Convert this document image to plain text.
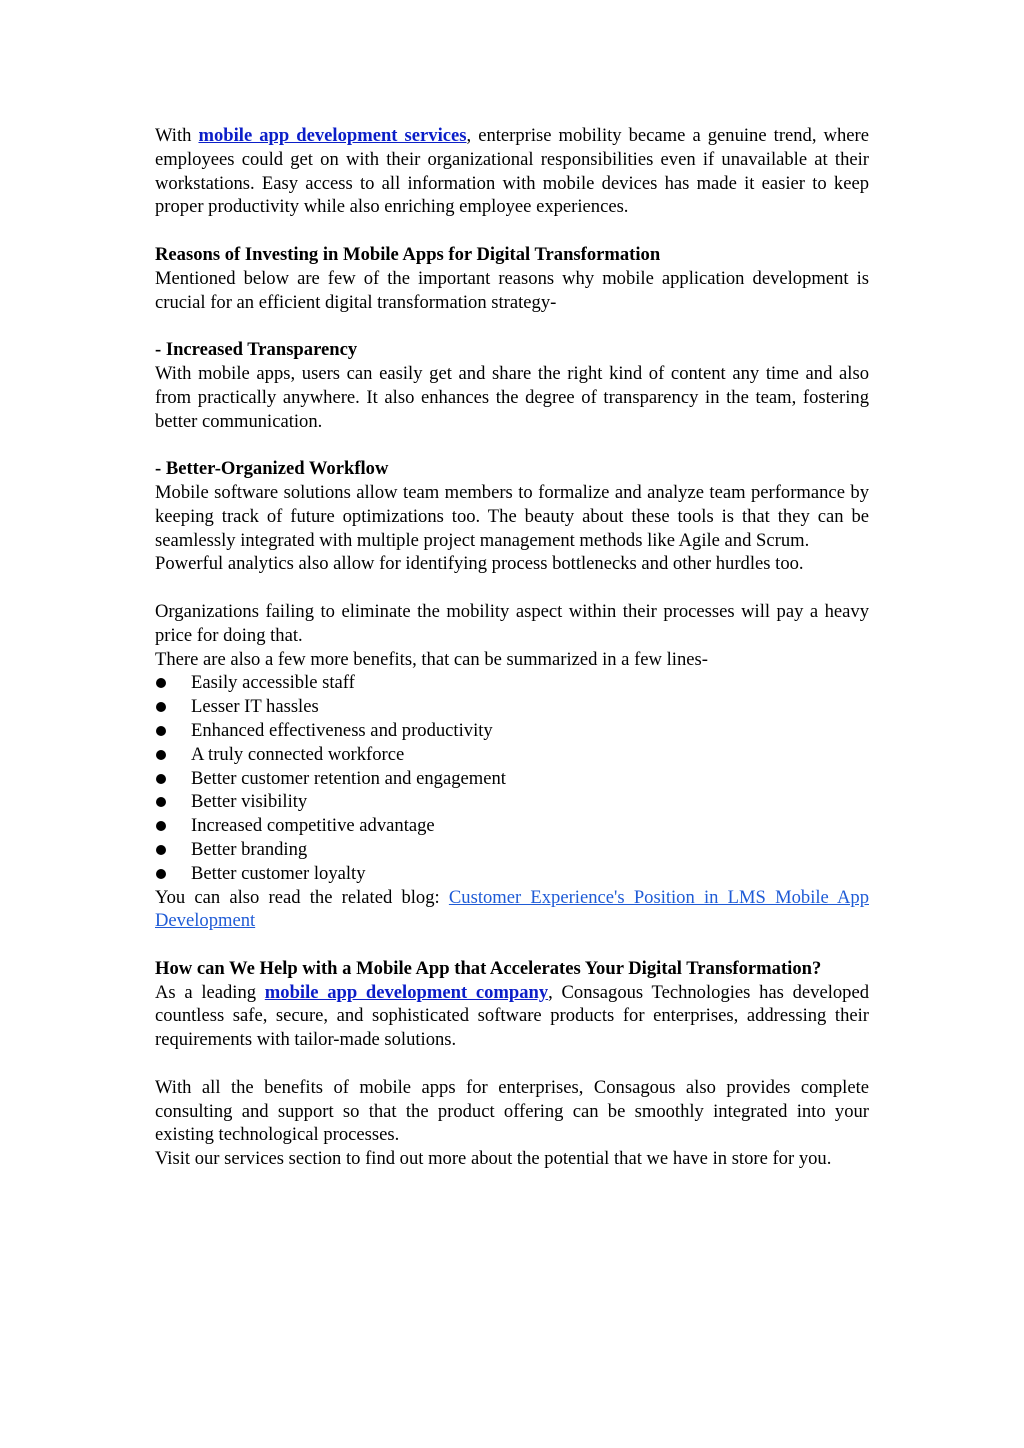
With mobile app development services, enterprise mobility became a genuine trend, where employees could get on with their organizational responsibilities even if unavailable at their workstations. Easy access to all information with mobile devices has made it easier to keep proper productivity while also enriching employee experiences.

Reasons of Investing in Mobile Apps for Digital Transformation

Mentioned below are few of the important reasons why mobile application development is crucial for an efficient digital transformation strategy-

- Increased Transparency

With mobile apps, users can easily get and share the right kind of content any time and also from practically anywhere. It also enhances the degree of transparency in the team, fostering better communication.

- Better-Organized Workflow

Mobile software solutions allow team members to formalize and analyze team performance by keeping track of future optimizations too. The beauty about these tools is that they can be seamlessly integrated with multiple project management methods like Agile and Scrum.

Powerful analytics also allow for identifying process bottlenecks and other hurdles too.

Organizations failing to eliminate the mobility aspect within their processes will pay a heavy price for doing that.

There are also a few more benefits, that can be summarized in a few lines-

Easily accessible staff
Lesser IT hassles
Enhanced effectiveness and productivity
A truly connected workforce
Better customer retention and engagement
Better visibility
Increased competitive advantage
Better branding
Better customer loyalty

You can also read the related blog: Customer Experience's Position in LMS Mobile App Development

How can We Help with a Mobile App that Accelerates Your Digital Transformation?

As a leading mobile app development company, Consagous Technologies has developed countless safe, secure, and sophisticated software products for enterprises, addressing their requirements with tailor-made solutions.

With all the benefits of mobile apps for enterprises, Consagous also provides complete consulting and support so that the product offering can be smoothly integrated into your existing technological processes.

Visit our services section to find out more about the potential that we have in store for you.
